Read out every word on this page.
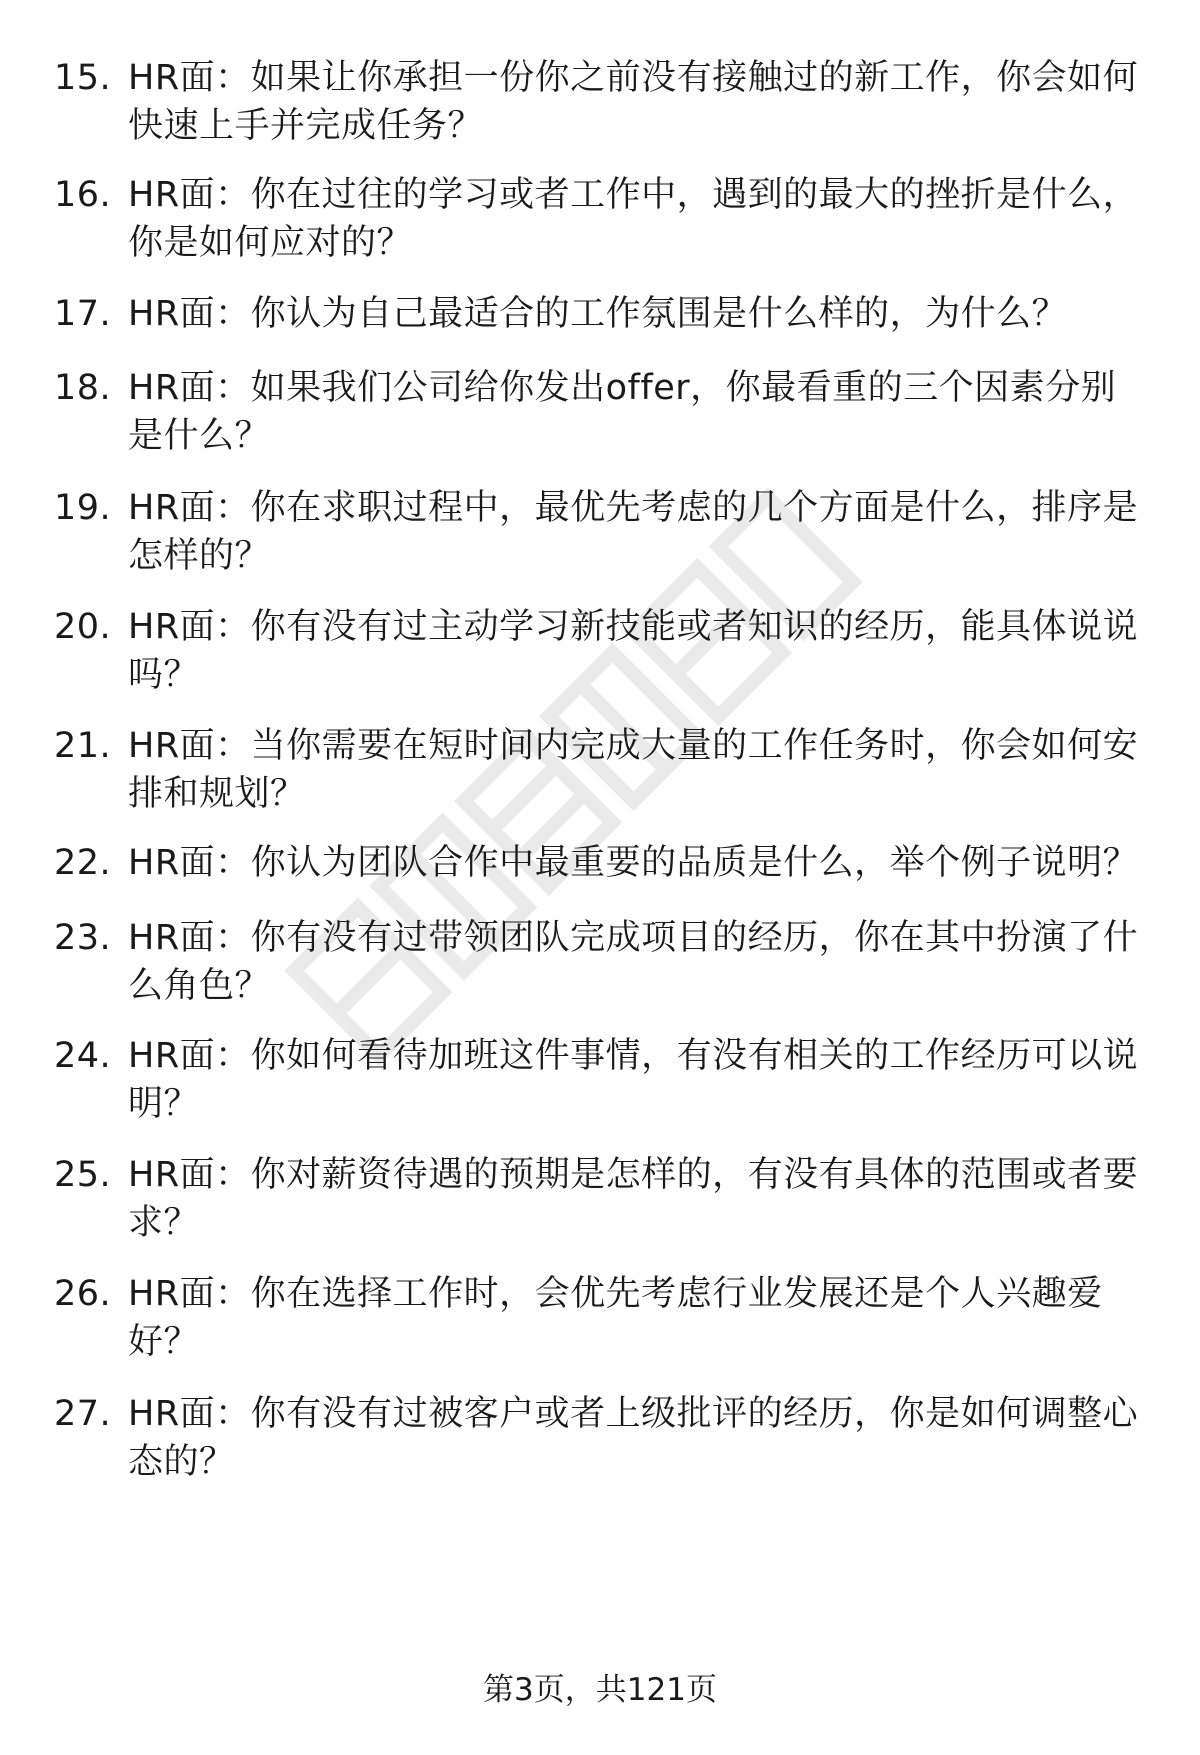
15. HR面：如果让你承担一份你之前没有接触过的新工作，你会如何
快速上手并完成任务？
16. HR面：你在过往的学习或者工作中，遇到的最大的挫折是什么，
你是如何应对的？
17. HR面：你认为自己最适合的工作氛围是什么样的，为什么？
18. HR面：如果我们公司给你发出offer，你最看重的三个因素分别
是什么？
19. HR面：你在求职过程中，最优先考虑的几个方面是什么，排序是
怎样的？
20. HR面：你有没有过主动学习新技能或者知识的经历，能具体说说
吗？
21. HR面：当你需要在短时间内完成大量的工作任务时，你会如何安
排和规划？
22. HR面：你认为团队合作中最重要的品质是什么，举个例子说明？
23. HR面：你有没有过带领团队完成项目的经历，你在其中扮演了什
么角色？
24. HR面：你如何看待加班这件事情，有没有相关的工作经历可以说
明？
25. HR面：你对薪资待遇的预期是怎样的，有没有具体的范围或者要
求？
26. HR面：你在选择工作时，会优先考虑行业发展还是个人兴趣爱
好？
27. HR面：你有没有过被客户或者上级批评的经历，你是如何调整心
态的？
第3页，共121页
